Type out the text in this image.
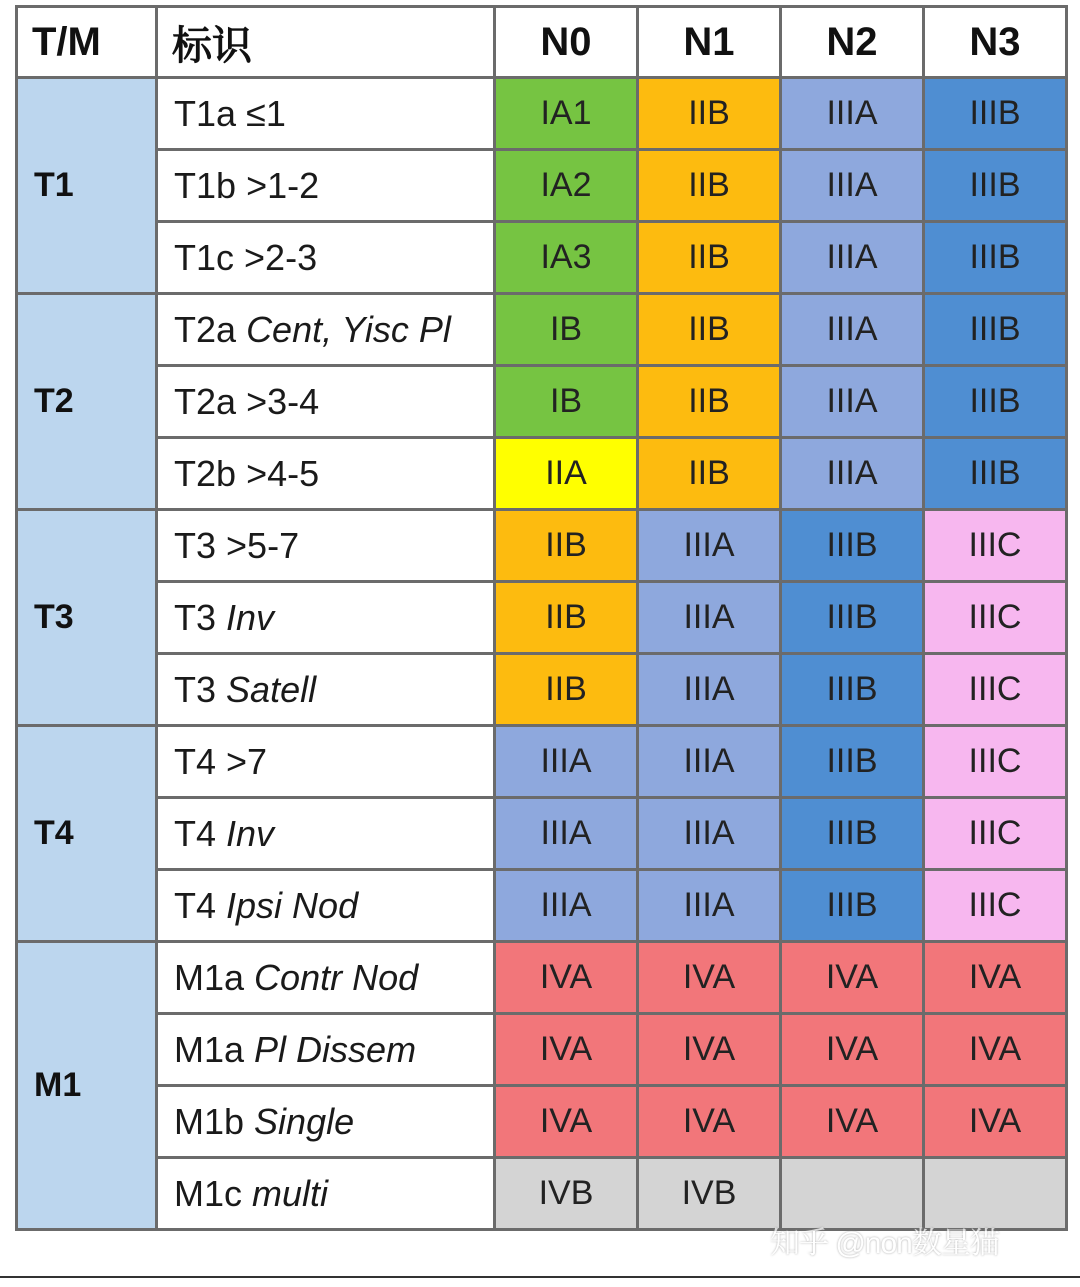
T/M	标识	N0	N1	N2	N3
T1	T1a ≤1	IA1	IIB	IIIA	IIIB
	T1b >1-2	IA2	IIB	IIIA	IIIB
	T1c >2-3	IA3	IIB	IIIA	IIIB
T2	T2a Cent, Yisc Pl	IB	IIB	IIIA	IIIB
	T2a >3-4	IB	IIB	IIIA	IIIB
	T2b >4-5	IIA	IIB	IIIA	IIIB
T3	T3 >5-7	IIB	IIIA	IIIB	IIIC
	T3 Inv	IIB	IIIA	IIIB	IIIC
	T3 Satell	IIB	IIIA	IIIB	IIIC
T4	T4 >7	IIIA	IIIA	IIIB	IIIC
	T4 Inv	IIIA	IIIA	IIIB	IIIC
	T4 Ipsi Nod	IIIA	IIIA	IIIB	IIIC
M1	M1a Contr Nod	IVA	IVA	IVA	IVA
	M1a Pl Dissem	IVA	IVA	IVA	IVA
	M1b Single	IVA	IVA	IVA	IVA
	M1c multi	IVB	IVB		
知乎 @non数星猫
